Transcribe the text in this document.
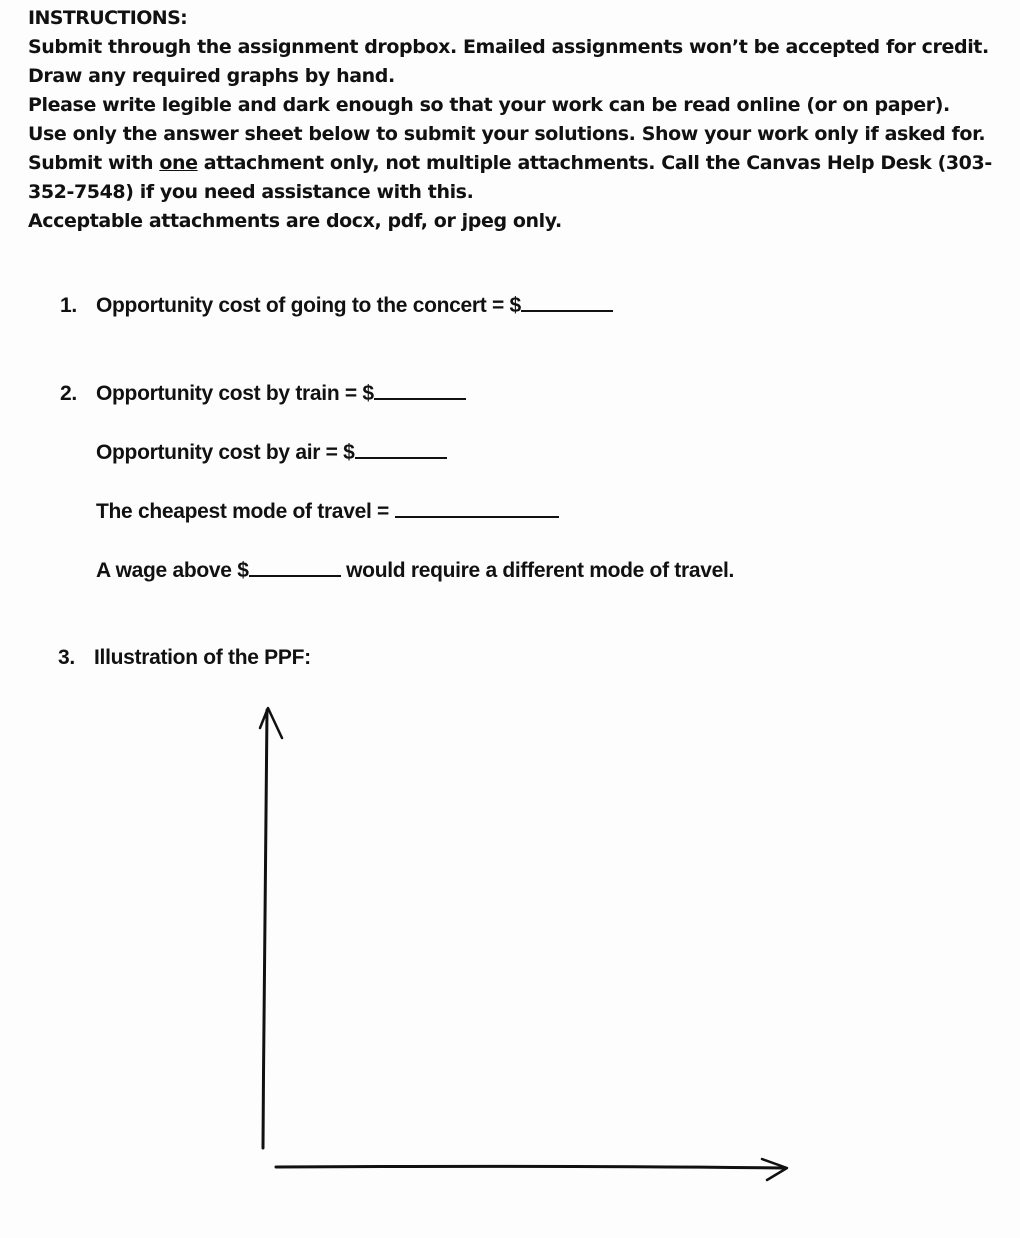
INSTRUCTIONS:
Submit through the assignment dropbox. Emailed assignments won’t be accepted for credit.
Draw any required graphs by hand.
Please write legible and dark enough so that your work can be read online (or on paper).
Use only the answer sheet below to submit your solutions. Show your work only if asked for.
Submit with one attachment only, not multiple attachments. Call the Canvas Help Desk (303-
352-7548) if you need assistance with this.
Acceptable attachments are docx, pdf, or jpeg only.
1. Opportunity cost of going to the concert = $
2. Opportunity cost by train = $
Opportunity cost by air = $
The cheapest mode of travel =
A wage above $	would require a different mode of travel.
3. Illustration of the PPF:
